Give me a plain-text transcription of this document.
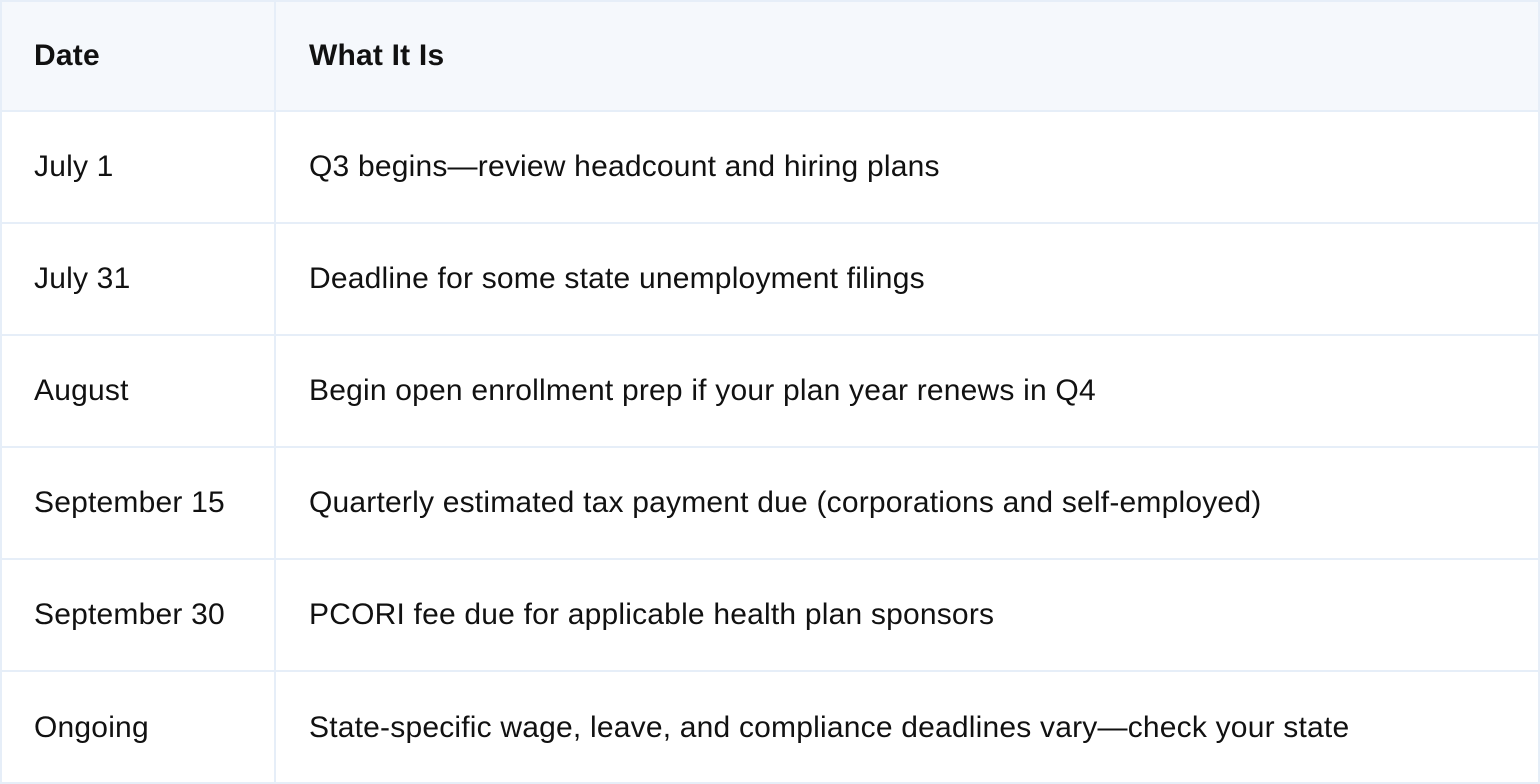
Date	What It Is
July 1	Q3 begins—review headcount and hiring plans
July 31	Deadline for some state unemployment filings
August	Begin open enrollment prep if your plan year renews in Q4
September 15	Quarterly estimated tax payment due (corporations and self-employed)
September 30	PCORI fee due for applicable health plan sponsors
Ongoing	State-specific wage, leave, and compliance deadlines vary—check your state
